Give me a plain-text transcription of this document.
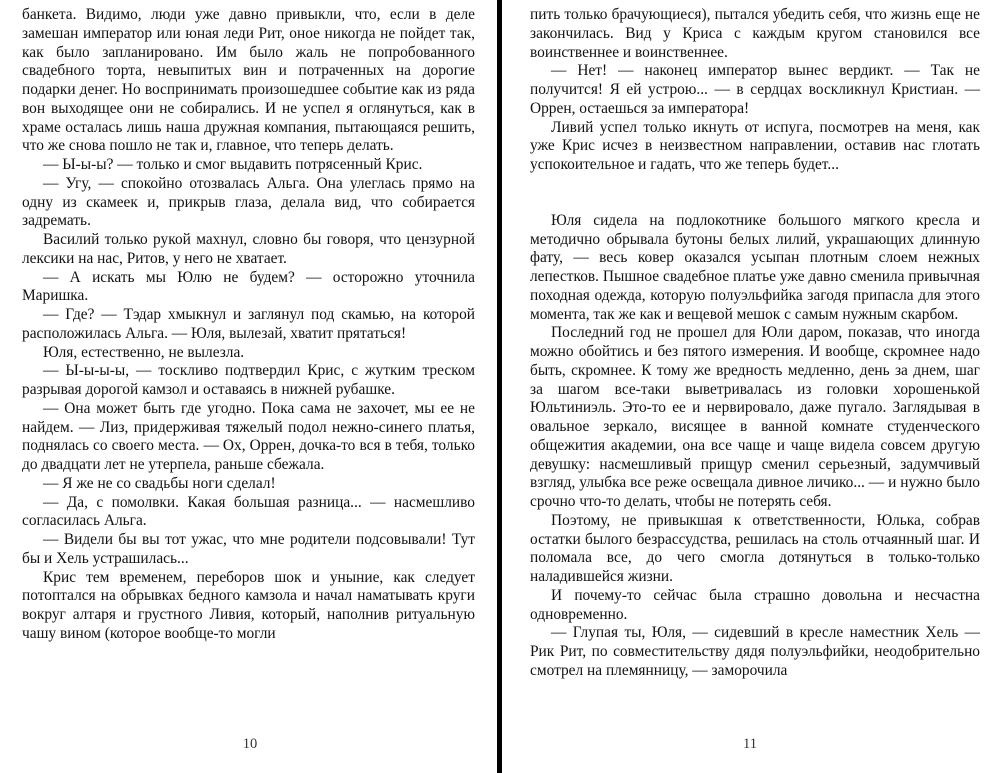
банкета. Видимо, люди уже давно привыкли, что, если в деле замешан император или юная леди Рит, оное никогда не пойдет так, как было запланировано. Им было жаль не попробованного свадебного торта, невыпитых вин и потраченных на дорогие подарки денег. Но воспринимать произошедшее событие как из ряда вон выходящее они не собирались. И не успел я оглянуться, как в храме осталась лишь наша дружная компания, пытающаяся решить, что же снова пошло не так и, главное, что теперь делать.

— Ы-ы-ы? — только и смог выдавить потрясенный Крис.

— Угу, — спокойно отозвалась Альга. Она улеглась прямо на одну из скамеек и, прикрыв глаза, делала вид, что собирается задремать.

Василий только рукой махнул, словно бы говоря, что цензурной лексики на нас, Ритов, у него не хватает.

— А искать мы Юлю не будем? — осторожно уточнила Маришка.

— Где? — Тэдар хмыкнул и заглянул под скамью, на которой расположилась Альга. — Юля, вылезай, хватит прятаться!

Юля, естественно, не вылезла.

— Ы-ы-ы-ы, — тоскливо подтвердил Крис, с жутким треском разрывая дорогой камзол и оставаясь в нижней рубашке.

— Она может быть где угодно. Пока сама не захочет, мы ее не найдем. — Лиз, придерживая тяжелый подол нежно-синего платья, поднялась со своего места. — Ох, Оррен, дочка-то вся в тебя, только до двадцати лет не утерпела, раньше сбежала.

— Я же не со свадьбы ноги сделал!

— Да, с помолвки. Какая большая разница... — насмешливо согласилась Альга.

— Видели бы вы тот ужас, что мне родители подсовывали! Тут бы и Хель устрашилась...

Крис тем временем, переборов шок и уныние, как следует потоптался на обрывках бедного камзола и начал наматывать круги вокруг алтаря и грустного Ливия, который, наполнив ритуальную чашу вином (которое вообще-то могли

10

пить только брачующиеся), пытался убедить себя, что жизнь еще не закончилась. Вид у Криса с каждым кругом становился все воинственнее и воинственнее.

— Нет! — наконец император вынес вердикт. — Так не получится! Я ей устрою... — в сердцах воскликнул Кристиан. — Оррен, остаешься за императора!

Ливий успел только икнуть от испуга, посмотрев на меня, как уже Крис исчез в неизвестном направлении, оставив нас глотать успокоительное и гадать, что же теперь будет...

Юля сидела на подлокотнике большого мягкого кресла и методично обрывала бутоны белых лилий, украшающих длинную фату, — весь ковер оказался усыпан плотным слоем нежных лепестков. Пышное свадебное платье уже давно сменила привычная походная одежда, которую полуэльфийка загодя припасла для этого момента, так же как и вещевой мешок с самым нужным скарбом.

Последний год не прошел для Юли даром, показав, что иногда можно обойтись и без пятого измерения. И вообще, скромнее надо быть, скромнее. К тому же вредность медленно, день за днем, шаг за шагом все-таки выветривалась из головки хорошенькой Юльтиниэль. Это-то ее и нервировало, даже пугало. Заглядывая в овальное зеркало, висящее в ванной комнате студенческого общежития академии, она все чаще и чаще видела совсем другую девушку: насмешливый прищур сменил серьезный, задумчивый взгляд, улыбка все реже освещала дивное личико... — и нужно было срочно что-то делать, чтобы не потерять себя.

Поэтому, не привыкшая к ответственности, Юлька, собрав остатки былого безрассудства, решилась на столь отчаянный шаг. И поломала все, до чего смогла дотянуться в только-только наладившейся жизни.

И почему-то сейчас была страшно довольна и несчастна одновременно.

— Глупая ты, Юля, — сидевший в кресле наместник Хель — Рик Рит, по совместительству дядя полуэльфийки, неодобрительно смотрел на племянницу, — заморочила

11
